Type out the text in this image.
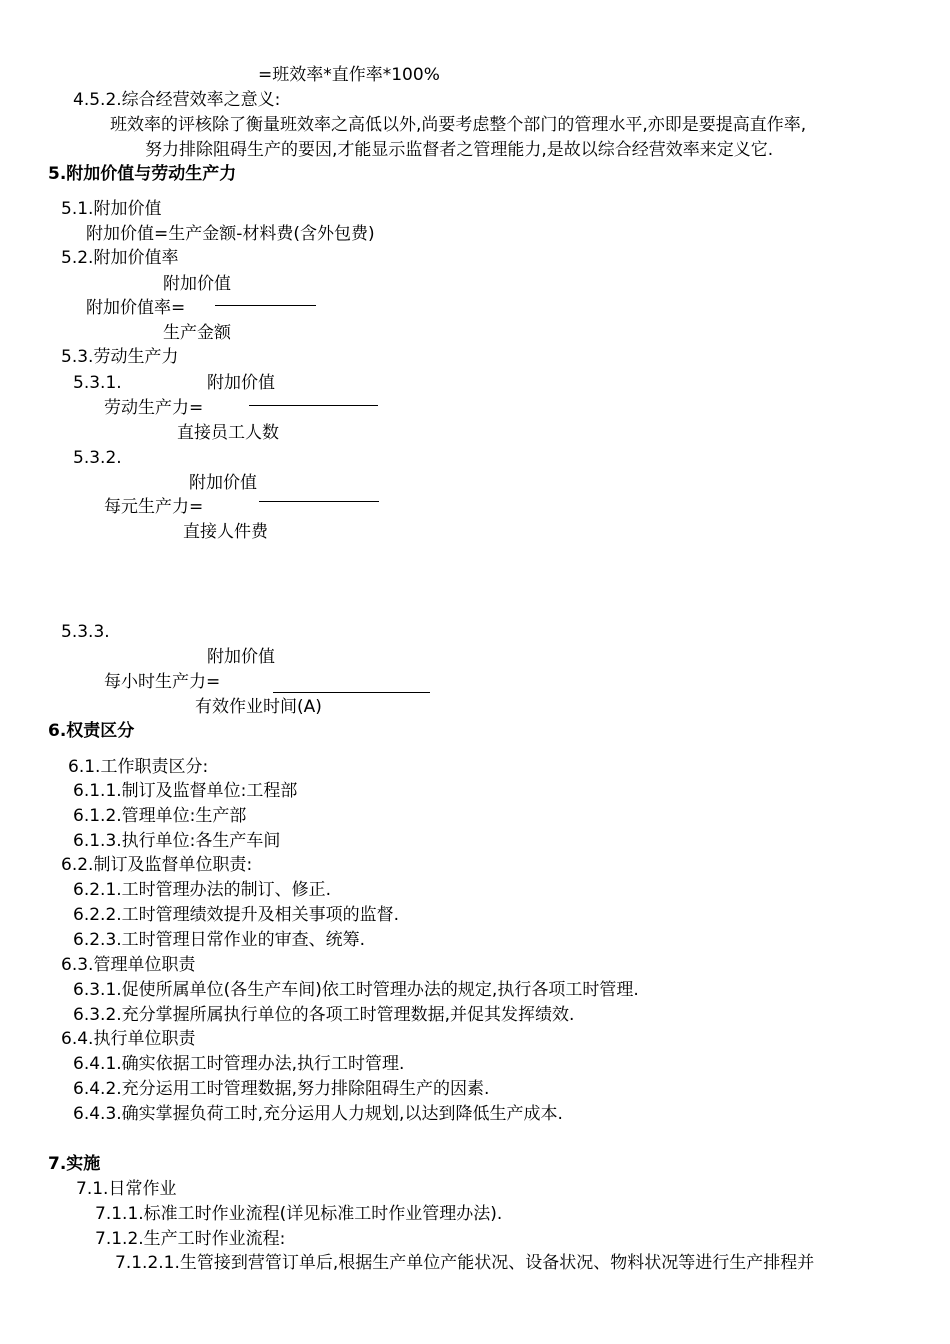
=班效率*直作率*100%
4.5.2.综合经营效率之意义:
班效率的评核除了衡量班效率之高低以外,尚要考虑整个部门的管理水平,亦即是要提高直作率,
努力排除阻碍生产的要因,才能显示监督者之管理能力,是故以综合经营效率来定义它.
5.附加价值与劳动生产力
5.1.附加价值
附加价值=生产金额-材料费(含外包费)
5.2.附加价值率
附加价值
附加价值率=
生产金额
5.3.劳动生产力
5.3.1.	附加价值
劳动生产力=
直接员工人数
5.3.2.
附加价值
每元生产力=
直接人件费
5.3.3.
附加价值
每小时生产力=
有效作业时间(A)
6.权责区分
6.1.工作职责区分:
6.1.1.制订及监督单位:工程部
6.1.2.管理单位:生产部
6.1.3.执行单位:各生产车间
6.2.制订及监督单位职责:
6.2.1.工时管理办法的制订、修正.
6.2.2.工时管理绩效提升及相关事项的监督.
6.2.3.工时管理日常作业的审查、统筹.
6.3.管理单位职责
6.3.1.促使所属单位(各生产车间)依工时管理办法的规定,执行各项工时管理.
6.3.2.充分掌握所属执行单位的各项工时管理数据,并促其发挥绩效.
6.4.执行单位职责
6.4.1.确实依据工时管理办法,执行工时管理.
6.4.2.充分运用工时管理数据,努力排除阻碍生产的因素.
6.4.3.确实掌握负荷工时,充分运用人力规划,以达到降低生产成本.
7.实施
7.1.日常作业
7.1.1.标准工时作业流程(详见标准工时作业管理办法).
7.1.2.生产工时作业流程:
7.1.2.1.生管接到营管订单后,根据生产单位产能状况、设备状况、物料状况等进行生产排程并
